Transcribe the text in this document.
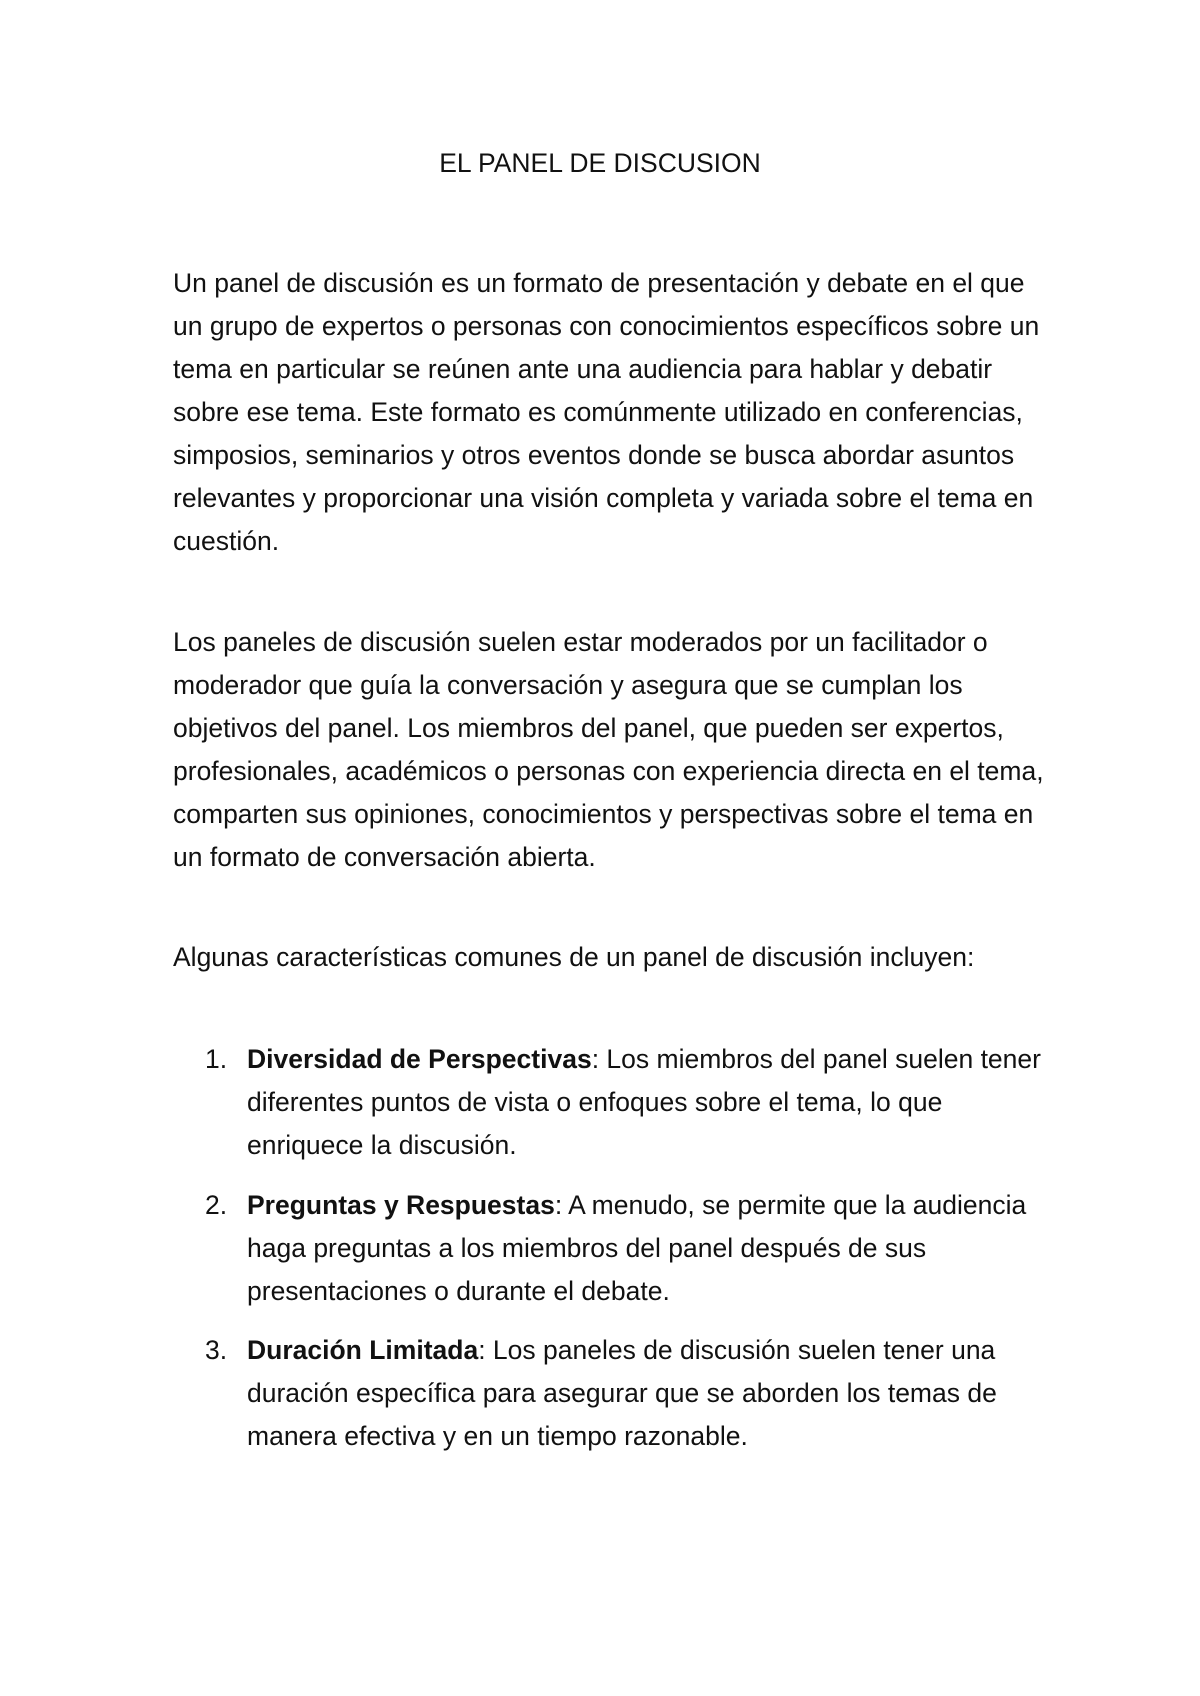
EL PANEL DE DISCUSION

Un panel de discusión es un formato de presentación y debate en el que un grupo de expertos o personas con conocimientos específicos sobre un tema en particular se reúnen ante una audiencia para hablar y debatir sobre ese tema. Este formato es comúnmente utilizado en conferencias, simposios, seminarios y otros eventos donde se busca abordar asuntos relevantes y proporcionar una visión completa y variada sobre el tema en cuestión.

Los paneles de discusión suelen estar moderados por un facilitador o moderador que guía la conversación y asegura que se cumplan los objetivos del panel. Los miembros del panel, que pueden ser expertos, profesionales, académicos o personas con experiencia directa en el tema, comparten sus opiniones, conocimientos y perspectivas sobre el tema en un formato de conversación abierta.

Algunas características comunes de un panel de discusión incluyen:

1. Diversidad de Perspectivas: Los miembros del panel suelen tener diferentes puntos de vista o enfoques sobre el tema, lo que enriquece la discusión.
2. Preguntas y Respuestas: A menudo, se permite que la audiencia haga preguntas a los miembros del panel después de sus presentaciones o durante el debate.
3. Duración Limitada: Los paneles de discusión suelen tener una duración específica para asegurar que se aborden los temas de manera efectiva y en un tiempo razonable.
